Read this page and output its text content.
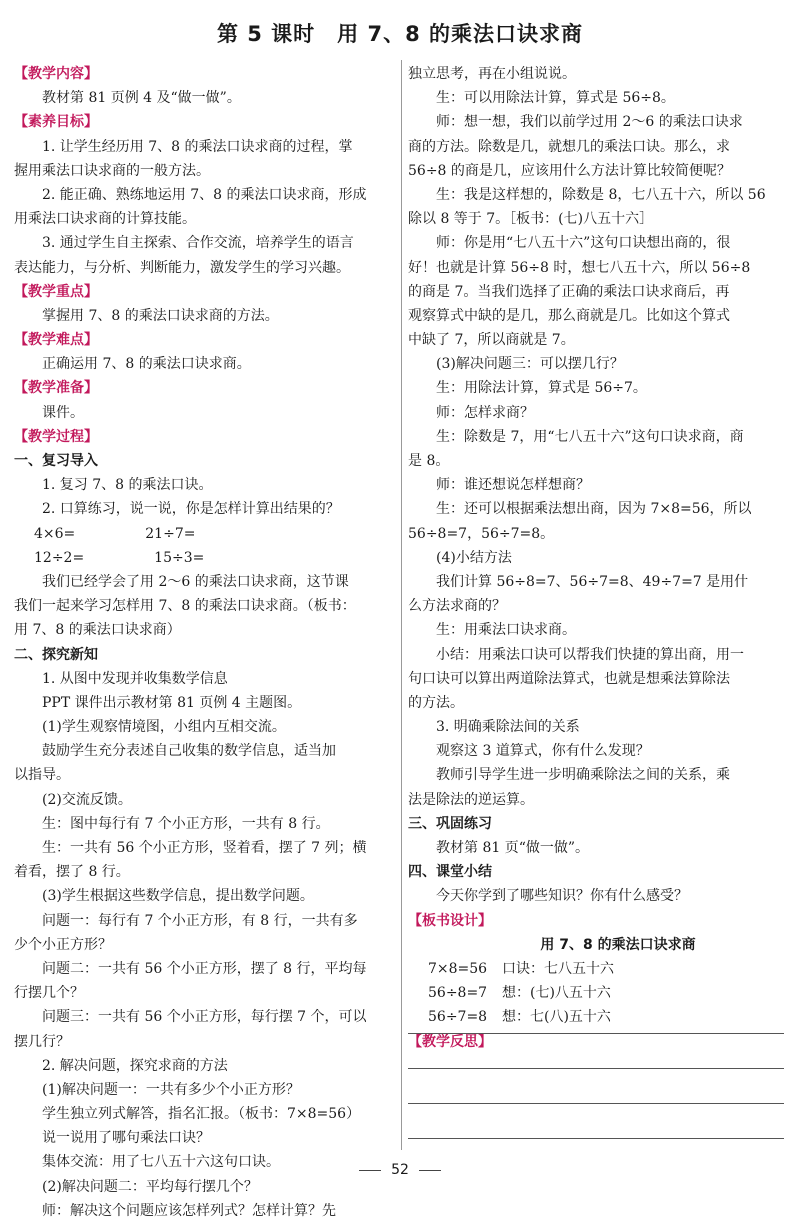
第 5 课时　用 7、8 的乘法口诀求商
【教学内容】
教材第 81 页例 4 及“做一做”。
【素养目标】
1. 让学生经历用 7、8 的乘法口诀求商的过程，掌
握用乘法口诀求商的一般方法。
2. 能正确、熟练地运用 7、8 的乘法口诀求商，形成
用乘法口诀求商的计算技能。
3. 通过学生自主探索、合作交流，培养学生的语言
表达能力，与分析、判断能力，激发学生的学习兴趣。
【教学重点】
掌握用 7、8 的乘法口诀求商的方法。
【教学难点】
正确运用 7、8 的乘法口诀求商。
【教学准备】
课件。
【教学过程】
一、复习导入
1. 复习 7、8 的乘法口诀。
2. 口算练习，说一说，你是怎样计算出结果的？
4×6=　　　　　21÷7=
12÷2=　　　　　15÷3=
我们已经学会了用 2～6 的乘法口诀求商，这节课
我们一起来学习怎样用 7、8 的乘法口诀求商。（板书：
用 7、8 的乘法口诀求商）
二、探究新知
1. 从图中发现并收集数学信息
PPT 课件出示教材第 81 页例 4 主题图。
(1)学生观察情境图，小组内互相交流。
鼓励学生充分表述自己收集的数学信息，适当加
以指导。
(2)交流反馈。
生：图中每行有 7 个小正方形，一共有 8 行。
生：一共有 56 个小正方形，竖着看，摆了 7 列；横
着看，摆了 8 行。
(3)学生根据这些数学信息，提出数学问题。
问题一：每行有 7 个小正方形，有 8 行，一共有多
少个小正方形？
问题二：一共有 56 个小正方形，摆了 8 行，平均每
行摆几个？
问题三：一共有 56 个小正方形，每行摆 7 个，可以
摆几行？
2. 解决问题，探究求商的方法
(1)解决问题一：一共有多少个小正方形？
学生独立列式解答，指名汇报。（板书：7×8=56）
说一说用了哪句乘法口诀？
集体交流：用了七八五十六这句口诀。
(2)解决问题二：平均每行摆几个？
师：解决这个问题应该怎样列式？怎样计算？先
独立思考，再在小组说说。
生：可以用除法计算，算式是 56÷8。
师：想一想，我们以前学过用 2～6 的乘法口诀求
商的方法。除数是几，就想几的乘法口诀。那么，求
56÷8 的商是几，应该用什么方法计算比较简便呢？
生：我是这样想的，除数是 8，七八五十六，所以 56
除以 8 等于 7。［板书：(七)八五十六］
师：你是用“七八五十六”这句口诀想出商的，很
好！也就是计算 56÷8 时，想七八五十六，所以 56÷8
的商是 7。当我们选择了正确的乘法口诀求商后，再
观察算式中缺的是几，那么商就是几。比如这个算式
中缺了 7，所以商就是 7。
(3)解决问题三：可以摆几行？
生：用除法计算，算式是 56÷7。
师：怎样求商？
生：除数是 7，用“七八五十六”这句口诀求商，商
是 8。
师：谁还想说怎样想商？
生：还可以根据乘法想出商，因为 7×8=56，所以
56÷8=7，56÷7=8。
(4)小结方法
我们计算 56÷8=7、56÷7=8、49÷7=7 是用什
么方法求商的？
生：用乘法口诀求商。
小结：用乘法口诀可以帮我们快捷的算出商，用一
句口诀可以算出两道除法算式，也就是想乘法算除法
的方法。
3. 明确乘除法间的关系
观察这 3 道算式，你有什么发现？
教师引导学生进一步明确乘除法之间的关系，乘
法是除法的逆运算。
三、巩固练习
教材第 81 页“做一做”。
四、课堂小结
今天你学到了哪些知识？你有什么感受？
【板书设计】
用 7、8 的乘法口诀求商
7×8=56 口诀：七八五十六
56÷8=7 想：(七)八五十六
56÷7=8 想：七(八)五十六
【教学反思】
52
